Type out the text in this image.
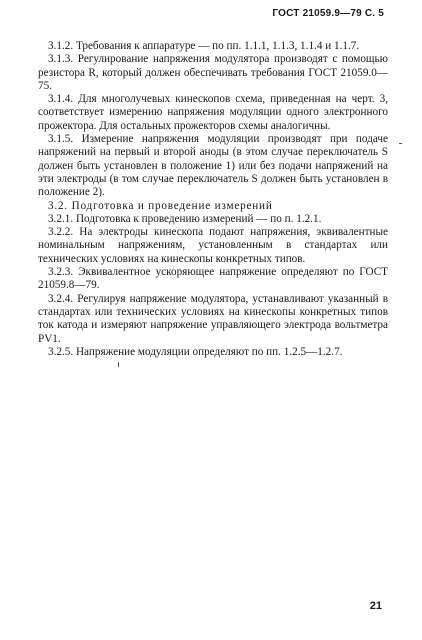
ГОСТ 21059.9—79 С. 5

3.1.2. Требования к аппаратуре — по пп. 1.1.1, 1.1.3, 1.1.4 и 1.1.7.

3.1.3. Регулирование напряжения модулятора производят с помощью резистора R, который должен обеспечивать требования ГОСТ 21059.0—75.

3.1.4. Для многолучевых кинескопов схема, приведенная на черт. 3, соответствует измерению напряжения модуляции одного электронного прожектора. Для остальных прожекторов схемы аналогичны.

3.1.5. Измерение напряжения модуляции производят при подаче напряжений на первый и второй аноды (в этом случае переключатель S должен быть установлен в положение 1) или без подачи напряжений на эти электроды (в том случае переключатель S должен быть установлен в положение 2).

3.2. Подготовка и проведение измерений

3.2.1. Подготовка к проведению измерений — по п. 1.2.1.

3.2.2. На электроды кинескопа подают напряжения, эквивалентные номинальным напряжениям, установленным в стандартах или технических условиях на кинескопы конкретных типов.

3.2.3. Эквивалентное ускоряющее напряжение определяют по ГОСТ 21059.8—79.

3.2.4. Регулируя напряжение модулятора, устанавливают указанный в стандартах или технических условиях на кинескопы конкретных типов ток катода и измеряют напряжение управляющего электрода вольтметра PV1.

3.2.5. Напряжение модуляции определяют по пп. 1.2.5—1.2.7.

21
